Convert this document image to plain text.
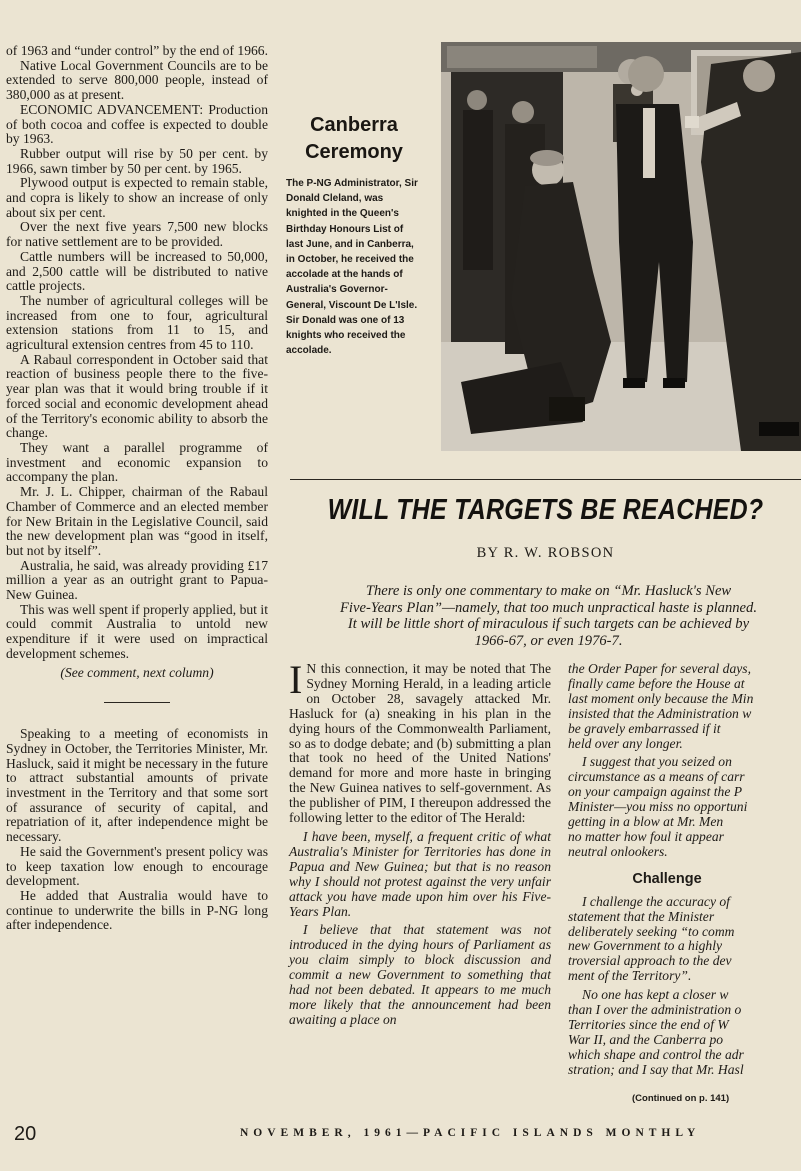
of 1963 and “under control” by the end of 1966.

Native Local Government Councils are to be extended to serve 800,000 people, instead of 380,000 as at present.

ECONOMIC ADVANCEMENT: Production of both cocoa and coffee is expected to double by 1963.

Rubber output will rise by 50 per cent. by 1966, sawn timber by 50 per cent. by 1965.

Plywood output is expected to remain stable, and copra is likely to show an increase of only about six per cent.

Over the next five years 7,500 new blocks for native settlement are to be provided.

Cattle numbers will be increased to 50,000, and 2,500 cattle will be distributed to native cattle projects.

The number of agricultural colleges will be increased from one to four, agricultural extension stations from 11 to 15, and agricultural extension centres from 45 to 110.

A Rabaul correspondent in October said that reaction of business people there to the five-year plan was that it would bring trouble if it forced social and economic development ahead of the Territory's economic ability to absorb the change.

They want a parallel programme of investment and economic expansion to accompany the plan.

Mr. J. L. Chipper, chairman of the Rabaul Chamber of Commerce and an elected member for New Britain in the Legislative Council, said the new development plan was “good in itself, but not by itself”.

Australia, he said, was already providing £17 million a year as an outright grant to Papua-New Guinea.

This was well spent if properly applied, but it could commit Australia to untold new expenditure if it were used on impractical development schemes.

(See comment, next column)

Speaking to a meeting of economists in Sydney in October, the Territories Minister, Mr. Hasluck, said it might be necessary in the future to attract substantial amounts of private investment in the Territory and that some sort of assurance of security of capital, and repatriation of it, after independence might be necessary.

He said the Government's present policy was to keep taxation low enough to encourage development.

He added that Australia would have to continue to underwrite the bills in P-NG long after independence.

Canberra
Ceremony
The P-NG Administrator, Sir Donald Cleland, was knighted in the Queen's Birthday Honours List of last June, and in Canberra, in October, he received the accolade at the hands of Australia's Governor-General, Viscount De L'Isle. Sir Donald was one of 13 knights who received the accolade.
WILL THE TARGETS BE REACHED?
BY R. W. ROBSON
There is only one commentary to make on “Mr. Hasluck's New
Five-Years Plan”—namely, that too much unpractical haste is planned.
It will be little short of miraculous if such targets can be achieved by
1966-67, or even 1976-7.

I N this connection, it may be noted that The Sydney Morning Herald, in a leading article on October 28, savagely attacked Mr. Hasluck for (a) sneaking in his plan in the dying hours of the Commonwealth Parliament, so as to dodge debate; and (b) submitting a plan that took no heed of the United Nations' demand for more and more haste in bringing the New Guinea natives to self-government. As the publisher of PIM, I thereupon addressed the following letter to the editor of The Herald:

I have been, myself, a frequent critic of what Australia's Minister for Territories has done in Papua and New Guinea; but that is no reason why I should not protest against the very unfair attack you have made upon him over his Five-Years Plan.

I believe that that statement was not introduced in the dying hours of Parliament as you claim simply to block discussion and commit a new Government to something that had not been debated. It appears to me much more likely that the announcement had been awaiting a place on

the Order Paper for several days,
finally came before the House at
last moment only because the Min
insisted that the Administration w
be gravely embarrassed if it
held over any longer.

I suggest that you seized on
circumstance as a means of carr
on your campaign against the P
Minister—you miss no opportuni
getting in a blow at Mr. Men
no matter how foul it appear
neutral onlookers.

Challenge

I challenge the accuracy of
statement that the Minister
deliberately seeking “to comm
new Government to a highly
troversial approach to the dev
ment of the Territory”.

No one has kept a closer w
than I over the administration o
Territories since the end of W
War II, and the Canberra po
which shape and control the adr
stration; and I say that Mr. Hasl

(Continued on p. 141)
20	NOVEMBER, 1961—PACIFIC ISLANDS MONTHLY
